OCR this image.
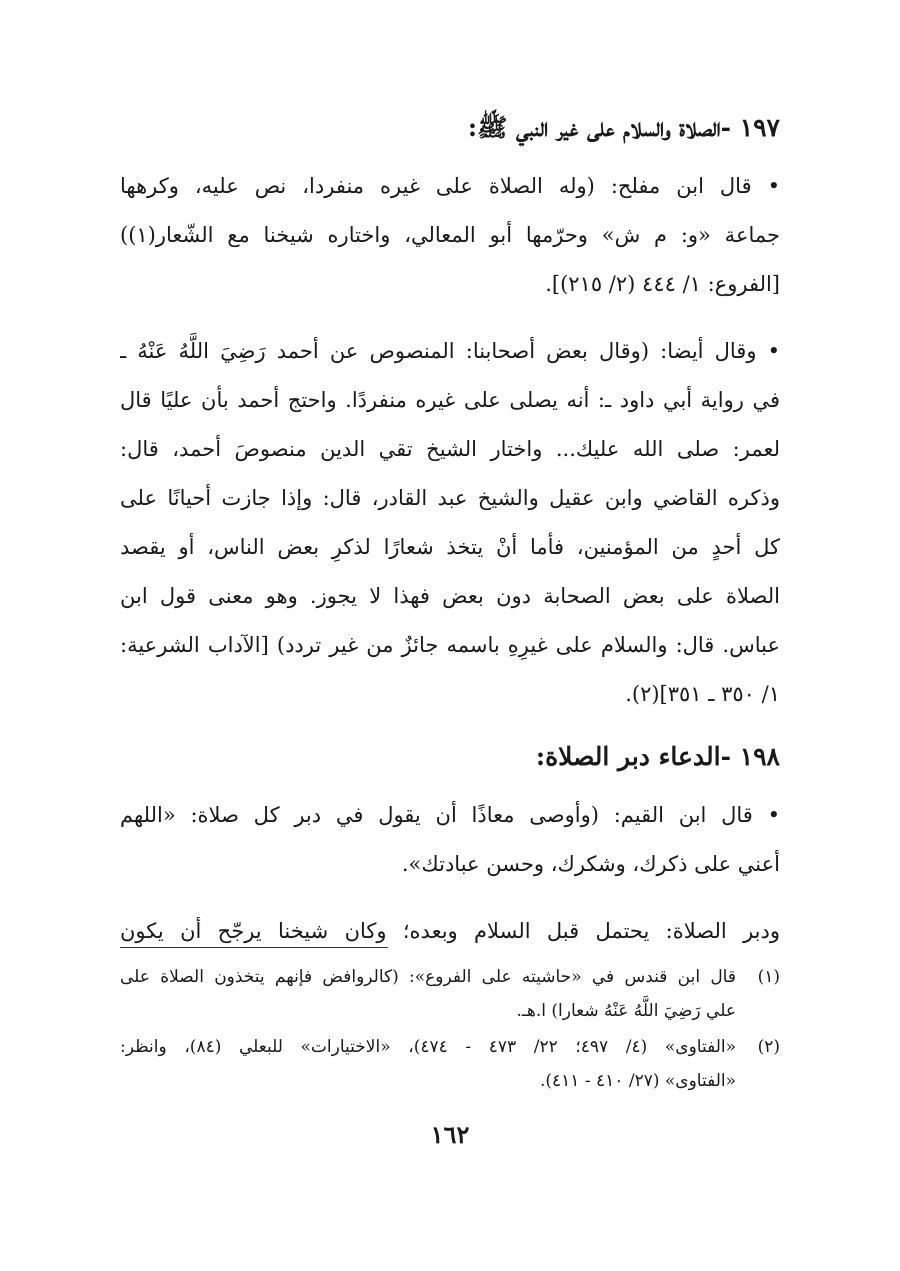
١٩٧ -الصلاة والسلام على غير النبي ﷺ:
• قال ابن مفلح: (وله الصلاة على غيره منفردا، نص عليه، وكرهها
جماعة «و: م ش» وحرّمها أبو المعالي، واختاره شيخنا مع الشّعار(١))
[الفروع: ١/ ٤٤٤ (٢/ ٢١٥)].
• وقال أيضا: (وقال بعض أصحابنا: المنصوص عن أحمد رَضِيَ اللَّهُ عَنْهُ ـ
في رواية أبي داود ـ: أنه يصلى على غيره منفردًا. واحتج أحمد بأن عليًا قال
لعمر: صلى الله عليك... واختار الشيخ تقي الدين منصوصَ أحمد، قال:
وذكره القاضي وابن عقيل والشيخ عبد القادر، قال: وإذا جازت أحيانًا على
كل أحدٍ من المؤمنين، فأما أنْ يتخذ شعارًا لذكرِ بعض الناس، أو يقصد
الصلاة على بعض الصحابة دون بعض فهذا لا يجوز. وهو معنى قول ابن
عباس. قال: والسلام على غيرِهِ باسمه جائزٌ من غير تردد) [الآداب الشرعية:
١/ ٣٥٠ ـ ٣٥١](٢).
١٩٨ -الدعاء دبر الصلاة:
• قال ابن القيم: (وأوصى معاذًا أن يقول في دبر كل صلاة: «اللهم
أعني على ذكرك، وشكرك، وحسن عبادتك».
ودبر الصلاة: يحتمل قبل السلام وبعده؛ وكان شيخنا يرجّح أن يكون
(١)
قال ابن قندس في «حاشيته على الفروع»: (كالروافض فإنهم يتخذون الصلاة على
علي رَضِيَ اللَّهُ عَنْهُ شعارا) ا.هـ.
(٢)
«الفتاوى» (٤/ ٤٩٧؛ ٢٢/ ٤٧٣ - ٤٧٤)، «الاختيارات» للبعلي (٨٤)، وانظر:
«الفتاوى» (٢٧/ ٤١٠ - ٤١١).
١٦٢
